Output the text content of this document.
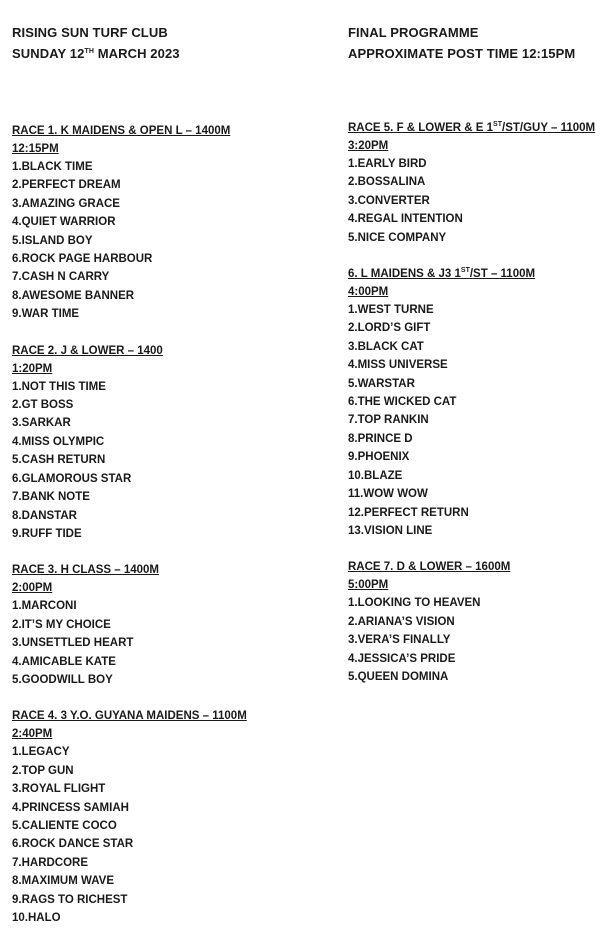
RISING SUN TURF CLUB
SUNDAY 12TH MARCH 2023
FINAL PROGRAMME
APPROXIMATE POST TIME 12:15PM
RACE 1. K MAIDENS & OPEN L – 1400M
12:15PM
1.BLACK TIME
2.PERFECT DREAM
3.AMAZING GRACE
4.QUIET WARRIOR
5.ISLAND BOY
6.ROCK PAGE HARBOUR
7.CASH N CARRY
8.AWESOME BANNER
9.WAR TIME
RACE 2. J & LOWER – 1400
1:20PM
1.NOT THIS TIME
2.GT BOSS
3.SARKAR
4.MISS OLYMPIC
5.CASH RETURN
6.GLAMOROUS STAR
7.BANK NOTE
8.DANSTAR
9.RUFF TIDE
RACE 3. H CLASS – 1400M
2:00PM
1.MARCONI
2.IT’S MY CHOICE
3.UNSETTLED HEART
4.AMICABLE KATE
5.GOODWILL BOY
RACE 4. 3 Y.O. GUYANA MAIDENS – 1100M
2:40PM
1.LEGACY
2.TOP GUN
3.ROYAL FLIGHT
4.PRINCESS SAMIAH
5.CALIENTE COCO
6.ROCK DANCE STAR
7.HARDCORE
8.MAXIMUM WAVE
9.RAGS TO RICHEST
10.HALO
RACE 5. F & LOWER & E 1ST/ST/GUY – 1100M
3:20PM
1.EARLY BIRD
2.BOSSALINA
3.CONVERTER
4.REGAL INTENTION
5.NICE COMPANY
6. L MAIDENS & J3 1ST/ST – 1100M
4:00PM
1.WEST TURNE
2.LORD’S GIFT
3.BLACK CAT
4.MISS UNIVERSE
5.WARSTAR
6.THE WICKED CAT
7.TOP RANKIN
8.PRINCE D
9.PHOENIX
10.BLAZE
11.WOW WOW
12.PERFECT RETURN
13.VISION LINE
RACE 7. D & LOWER – 1600M
5:00PM
1.LOOKING TO HEAVEN
2.ARIANA’S VISION
3.VERA’S FINALLY
4.JESSICA’S PRIDE
5.QUEEN DOMINA
